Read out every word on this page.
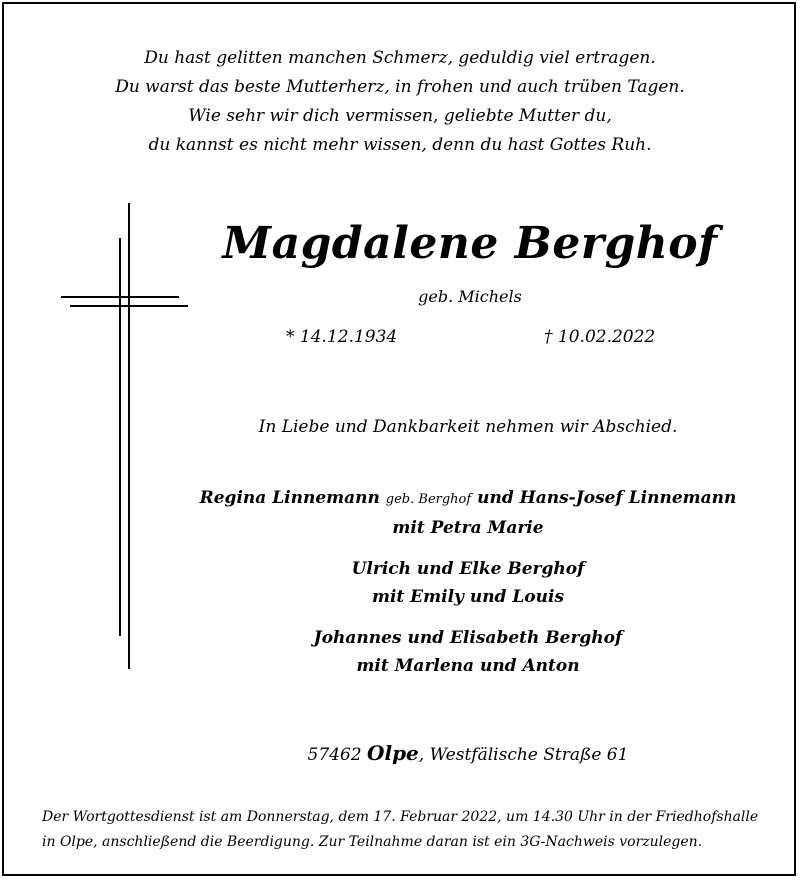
Du hast gelitten manchen Schmerz, geduldig viel ertragen.
Du warst das beste Mutterherz, in frohen und auch trüben Tagen.
Wie sehr wir dich vermissen, geliebte Mutter du,
du kannst es nicht mehr wissen, denn du hast Gottes Ruh.
Magdalene Berghof
geb. Michels
* 14.12.1934	† 10.02.2022
In Liebe und Dankbarkeit nehmen wir Abschied.
Regina Linnemann geb. Berghof und Hans-Josef Linnemann
mit Petra Marie
Ulrich und Elke Berghof
mit Emily und Louis
Johannes und Elisabeth Berghof
mit Marlena und Anton
57462 Olpe, Westfälische Straße 61
Der Wortgottesdienst ist am Donnerstag, dem 17. Februar 2022, um 14.30 Uhr in der Friedhofshalle
in Olpe, anschließend die Beerdigung. Zur Teilnahme daran ist ein 3G-Nachweis vorzulegen.
